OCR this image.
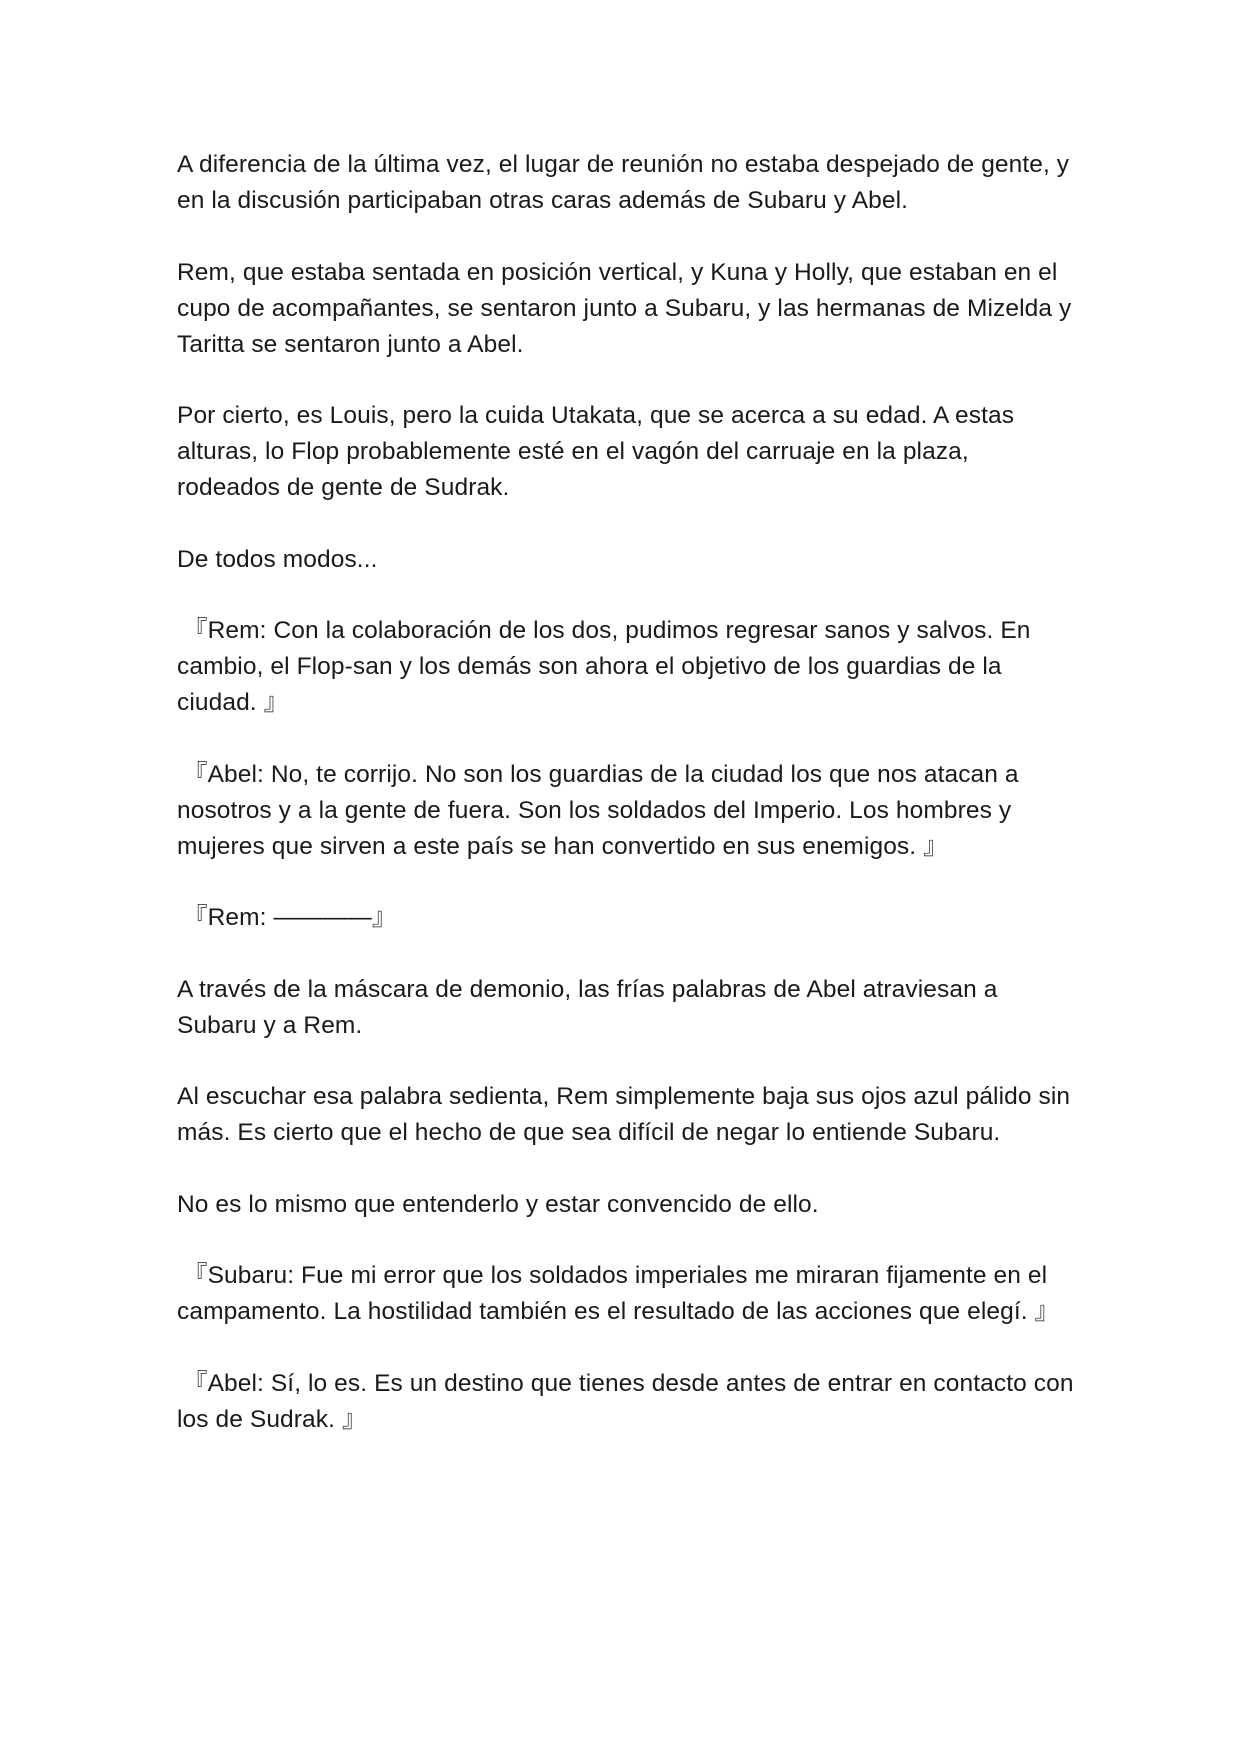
A diferencia de la última vez, el lugar de reunión no estaba despejado de gente, y en la discusión participaban otras caras además de Subaru y Abel.

Rem, que estaba sentada en posición vertical, y Kuna y Holly, que estaban en el cupo de acompañantes, se sentaron junto a Subaru, y las hermanas de Mizelda y Taritta se sentaron junto a Abel.

Por cierto, es Louis, pero la cuida Utakata, que se acerca a su edad. A estas alturas, lo Flop probablemente esté en el vagón del carruaje en la plaza, rodeados de gente de Sudrak.

De todos modos...

『Rem: Con la colaboración de los dos, pudimos regresar sanos y salvos. En cambio, el Flop-san y los demás son ahora el objetivo de los guardias de la ciudad. 』

『Abel: No, te corrijo. No son los guardias de la ciudad los que nos atacan a nosotros y a la gente de fuera. Son los soldados del Imperio. Los hombres y mujeres que sirven a este país se han convertido en sus enemigos. 』

『Rem: ————』

A través de la máscara de demonio, las frías palabras de Abel atraviesan a Subaru y a Rem.

Al escuchar esa palabra sedienta, Rem simplemente baja sus ojos azul pálido sin más. Es cierto que el hecho de que sea difícil de negar lo entiende Subaru.

No es lo mismo que entenderlo y estar convencido de ello.

『Subaru: Fue mi error que los soldados imperiales me miraran fijamente en el campamento. La hostilidad también es el resultado de las acciones que elegí. 』

『Abel: Sí, lo es. Es un destino que tienes desde antes de entrar en contacto con los de Sudrak. 』
